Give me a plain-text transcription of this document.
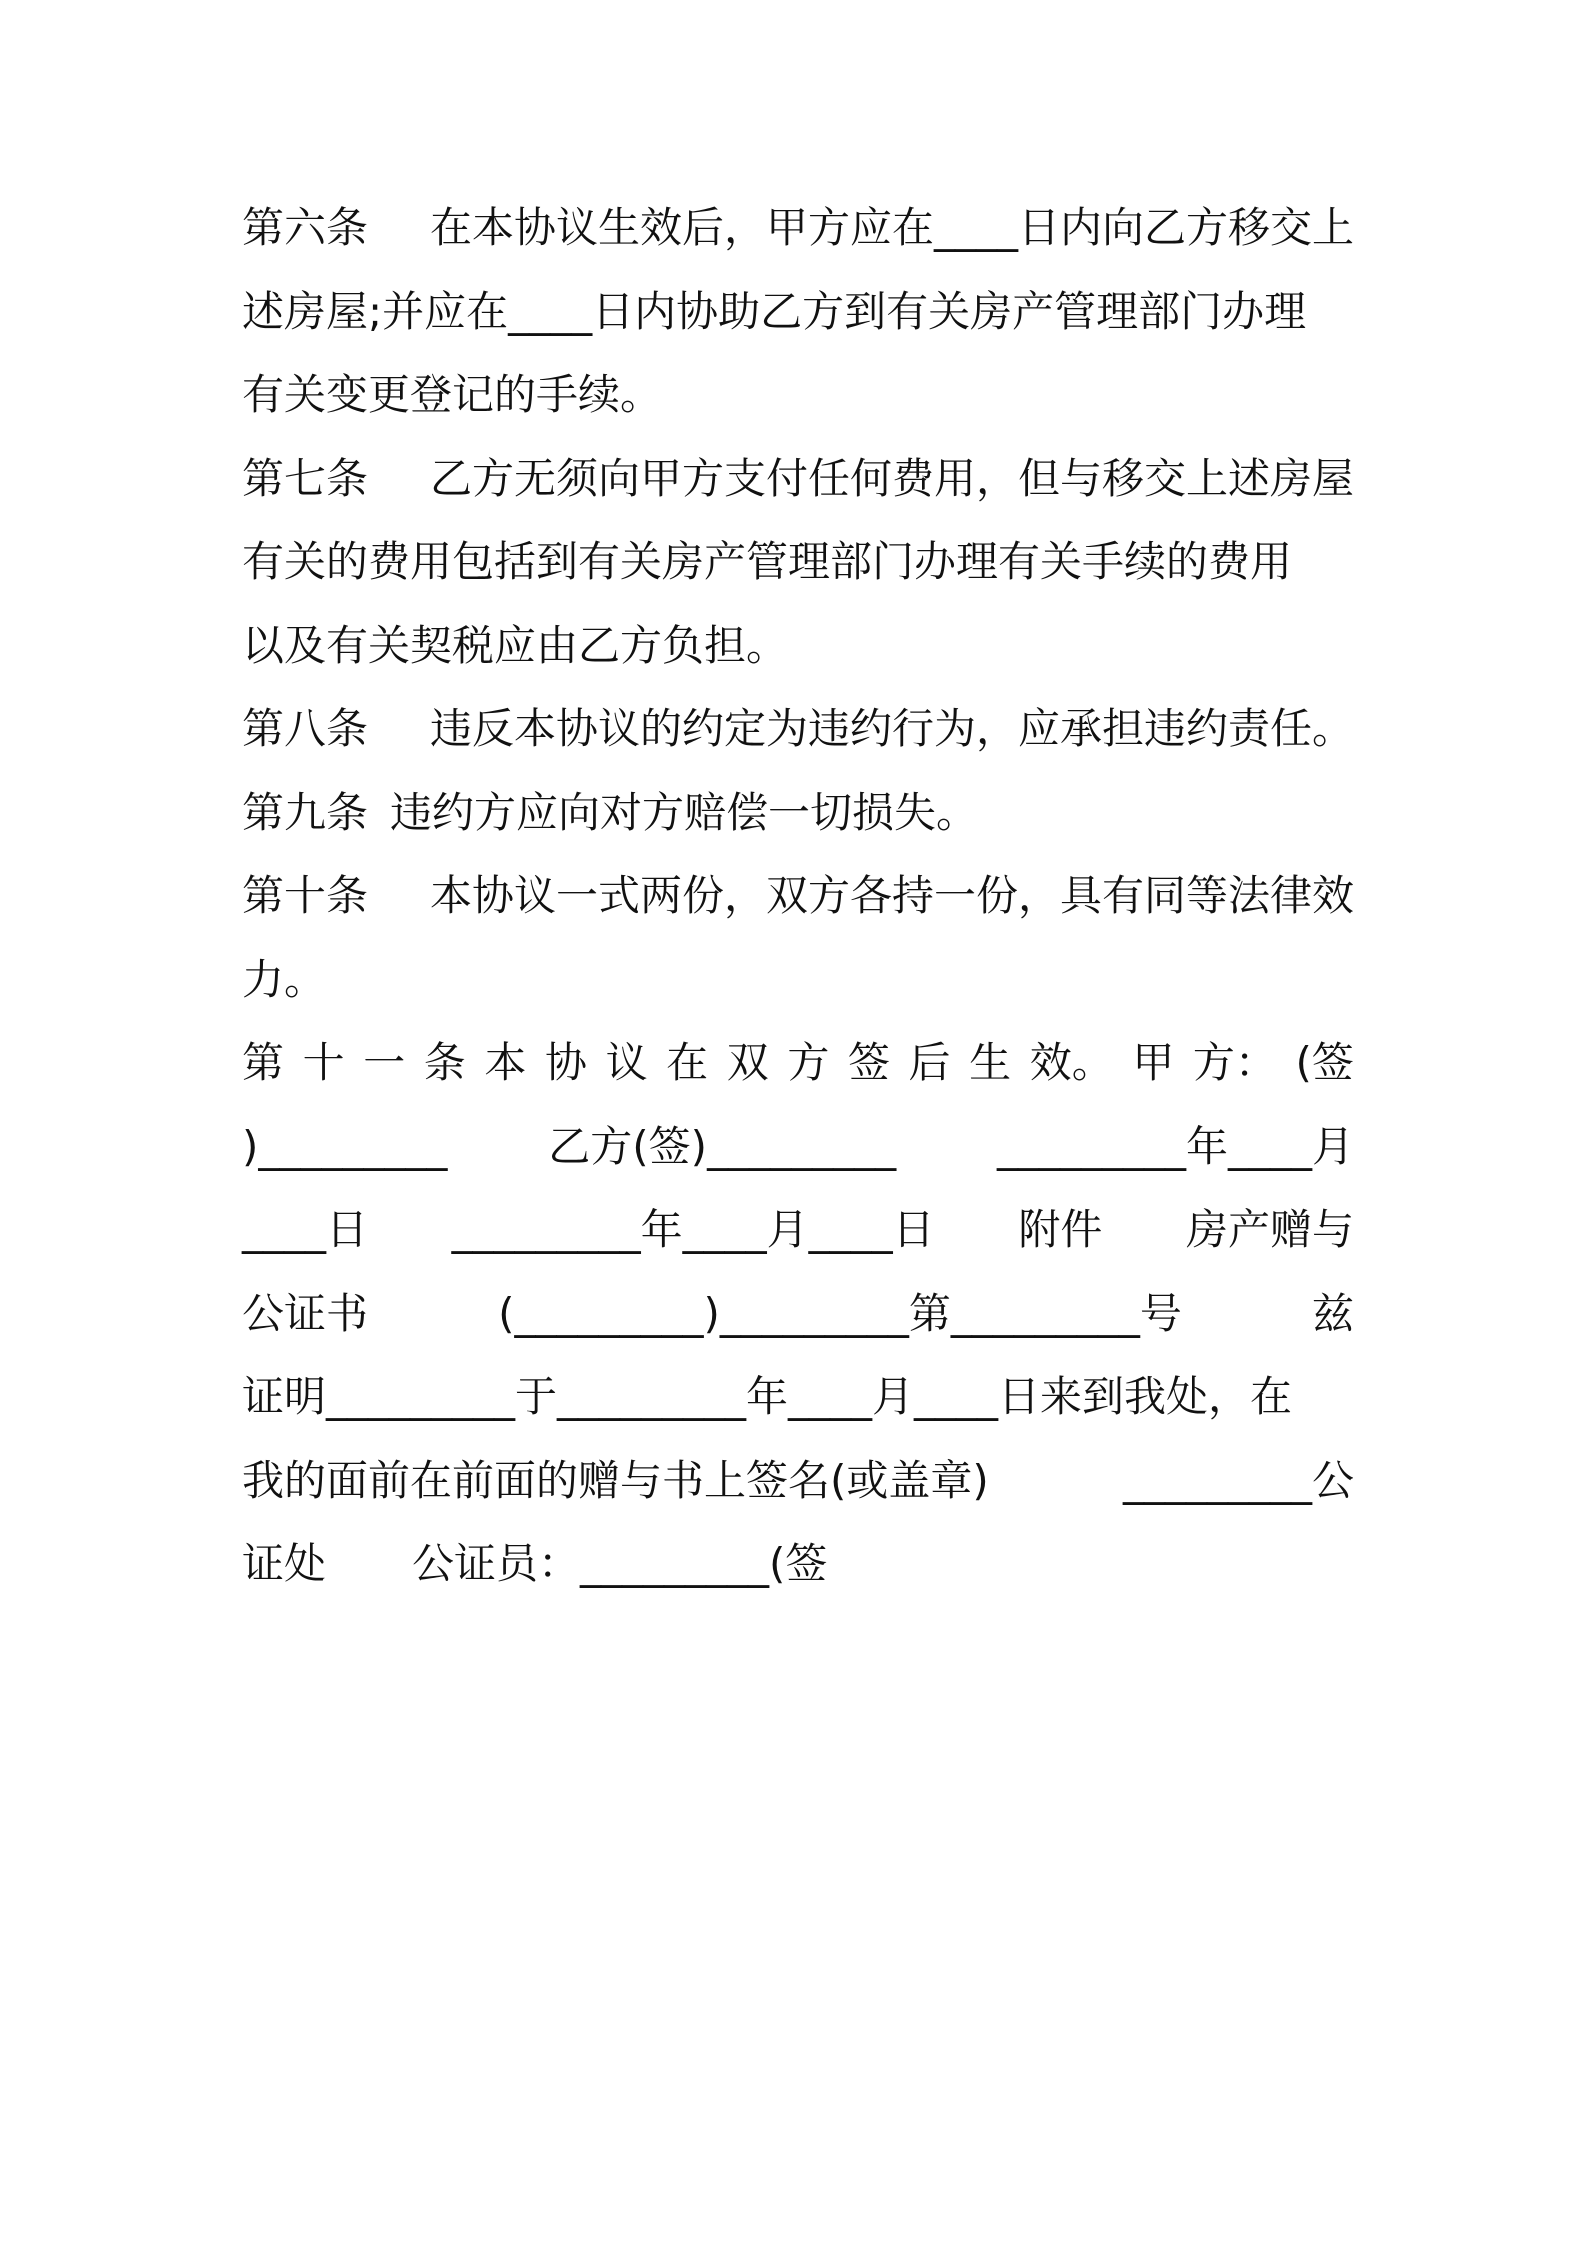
第六条 在本协议生效后，甲方应在____日内向乙方移交上
述房屋;并应在____日内协助乙方到有关房产管理部门办理
有关变更登记的手续。
第七条 乙方无须向甲方支付任何费用，但与移交上述房屋
有关的费用包括到有关房产管理部门办理有关手续的费用
以及有关契税应由乙方负担。
第八条 违反本协议的约定为违约行为，应承担违约责任。
第九条 违约方应向对方赔偿一切损失。
第十条 本协议一式两份，双方各持一份，具有同等法律效
力。
第 十 一 条 本 协 议 在 双 方 签 后 生 效。 甲 方： (签
)_________ 乙方(签)_________ _________年____月
____日 _________年____月____日 附件 房产赠与
公证书	(_________)_________第_________号	兹
证明_________于_________年____月____日来到我处，在
我的面前在前面的赠与书上签名(或盖章)	_________公
证处 公证员：_________(签
